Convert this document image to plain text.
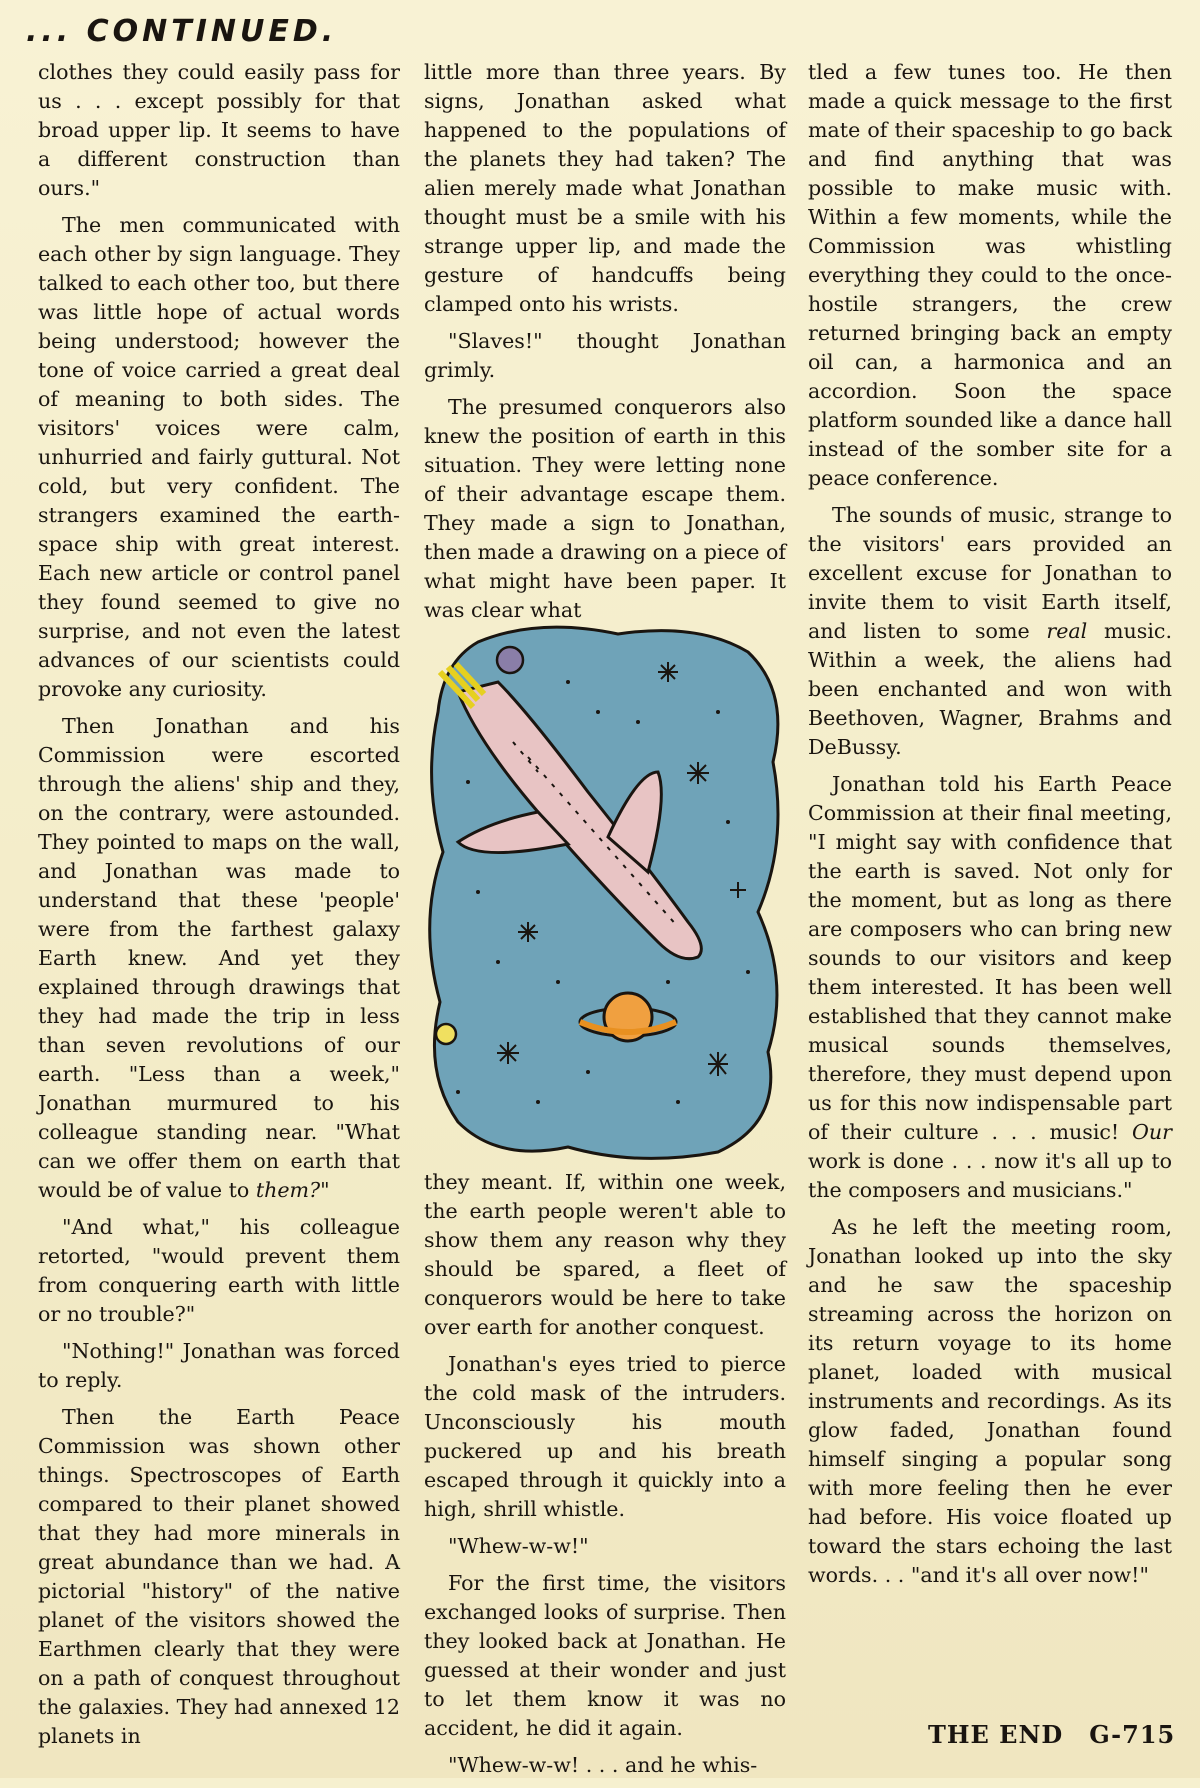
... CONTINUED.

clothes they could easily pass for us . . . except possibly for that broad upper lip. It seems to have a different construction than ours."

The men communicated with each other by sign language. They talked to each other too, but there was little hope of actual words being understood; however the tone of voice carried a great deal of meaning to both sides. The visitors' voices were calm, unhurried and fairly guttural. Not cold, but very confident. The strangers examined the earth-space ship with great interest. Each new article or control panel they found seemed to give no surprise, and not even the latest advances of our scientists could provoke any curiosity.

Then Jonathan and his Commission were escorted through the aliens' ship and they, on the contrary, were astounded. They pointed to maps on the wall, and Jonathan was made to understand that these 'people' were from the farthest galaxy Earth knew. And yet they explained through drawings that they had made the trip in less than seven revolutions of our earth. "Less than a week," Jonathan murmured to his colleague standing near. "What can we offer them on earth that would be of value to them?"

"And what," his colleague retorted, "would prevent them from conquering earth with little or no trouble?"

"Nothing!" Jonathan was forced to reply.

Then the Earth Peace Commission was shown other things. Spectroscopes of Earth compared to their planet showed that they had more minerals in great abundance than we had. A pictorial "history" of the native planet of the visitors showed the Earthmen clearly that they were on a path of conquest throughout the galaxies. They had annexed 12 planets in

little more than three years. By signs, Jonathan asked what happened to the populations of the planets they had taken? The alien merely made what Jonathan thought must be a smile with his strange upper lip, and made the gesture of handcuffs being clamped onto his wrists.

"Slaves!" thought Jonathan grimly.

The presumed conquerors also knew the position of earth in this situation. They were letting none of their advantage escape them. They made a sign to Jonathan, then made a drawing on a piece of what might have been paper. It was clear what

they meant. If, within one week, the earth people weren't able to show them any reason why they should be spared, a fleet of conquerors would be here to take over earth for another conquest.

Jonathan's eyes tried to pierce the cold mask of the intruders. Unconsciously his mouth puckered up and his breath escaped through it quickly into a high, shrill whistle.

"Whew-w-w!"

For the first time, the visitors exchanged looks of surprise. Then they looked back at Jonathan. He guessed at their wonder and just to let them know it was no accident, he did it again.

"Whew-w-w! . . . and he whis-

tled a few tunes too. He then made a quick message to the first mate of their spaceship to go back and find anything that was possible to make music with. Within a few moments, while the Commission was whistling everything they could to the once-hostile strangers, the crew returned bringing back an empty oil can, a harmonica and an accordion. Soon the space platform sounded like a dance hall instead of the somber site for a peace conference.

The sounds of music, strange to the visitors' ears provided an excellent excuse for Jonathan to invite them to visit Earth itself, and listen to some real music. Within a week, the aliens had been enchanted and won with Beethoven, Wagner, Brahms and DeBussy.

Jonathan told his Earth Peace Commission at their final meeting, "I might say with confidence that the earth is saved. Not only for the moment, but as long as there are composers who can bring new sounds to our visitors and keep them interested. It has been well established that they cannot make musical sounds themselves, therefore, they must depend upon us for this now indispensable part of their culture . . . music! Our work is done . . . now it's all up to the composers and musicians."

As he left the meeting room, Jonathan looked up into the sky and he saw the spaceship streaming across the horizon on its return voyage to its home planet, loaded with musical instruments and recordings. As its glow faded, Jonathan found himself singing a popular song with more feeling then he ever had before. His voice floated up toward the stars echoing the last words. . . "and it's all over now!"

THE END G-715
